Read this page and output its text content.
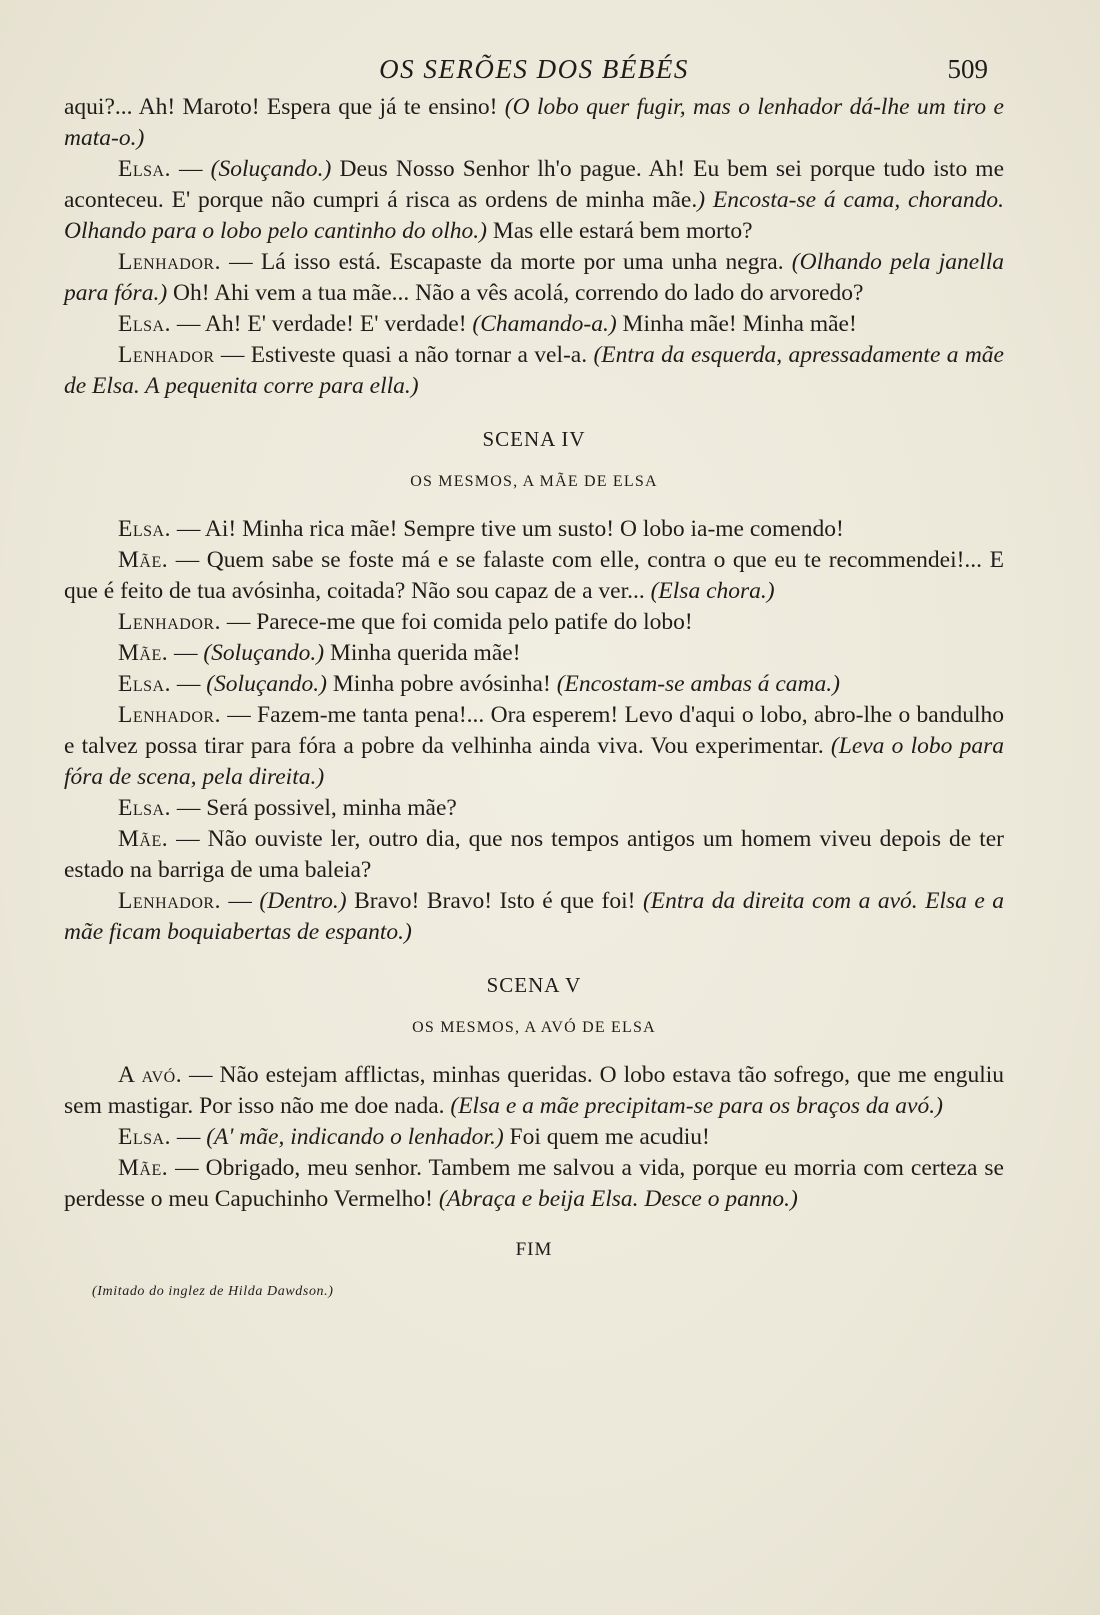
OS SERÕES DOS BÉBÉS	509

aqui?... Ah! Maroto! Espera que já te ensino! (O lobo quer fugir, mas o lenhador dá-lhe um tiro e mata-o.)

Elsa. — (Soluçando.) Deus Nosso Senhor lh'o pague. Ah! Eu bem sei porque tudo isto me aconteceu. E' porque não cumpri á risca as ordens de minha mãe.) Encosta-se á cama, chorando. Olhando para o lobo pelo cantinho do olho.) Mas elle estará bem morto?

Lenhador. — Lá isso está. Escapaste da morte por uma unha negra. (Olhando pela janella para fóra.) Oh! Ahi vem a tua mãe... Não a vês acolá, correndo do lado do arvoredo?

Elsa. — Ah! E' verdade! E' verdade! (Chamando-a.) Minha mãe! Minha mãe!

Lenhador — Estiveste quasi a não tornar a vel-a. (Entra da esquerda, apressadamente a mãe de Elsa. A pequenita corre para ella.)

SCENA IV
OS MESMOS, A MÃE DE ELSA

Elsa. — Ai! Minha rica mãe! Sempre tive um susto! O lobo ia-me comendo!

Mãe. — Quem sabe se foste má e se falaste com elle, contra o que eu te recommendei!... E que é feito de tua avósinha, coitada? Não sou capaz de a ver... (Elsa chora.)

Lenhador. — Parece-me que foi comida pelo patife do lobo!

Mãe. — (Soluçando.) Minha querida mãe!

Elsa. — (Soluçando.) Minha pobre avósinha! (Encostam-se ambas á cama.)

Lenhador. — Fazem-me tanta pena!... Ora esperem! Levo d'aqui o lobo, abro-lhe o bandulho e talvez possa tirar para fóra a pobre da velhinha ainda viva. Vou experimentar. (Leva o lobo para fóra de scena, pela direita.)

Elsa. — Será possivel, minha mãe?

Mãe. — Não ouviste ler, outro dia, que nos tempos antigos um homem viveu depois de ter estado na barriga de uma baleia?

Lenhador. — (Dentro.) Bravo! Bravo! Isto é que foi! (Entra da direita com a avó. Elsa e a mãe ficam boquiabertas de espanto.)

SCENA V
OS MESMOS, A AVÓ DE ELSA

A avó. — Não estejam afflictas, minhas queridas. O lobo estava tão sofrego, que me enguliu sem mastigar. Por isso não me doe nada. (Elsa e a mãe precipitam-se para os braços da avó.)

Elsa. — (A' mãe, indicando o lenhador.) Foi quem me acudiu!

Mãe. — Obrigado, meu senhor. Tambem me salvou a vida, porque eu morria com certeza se perdesse o meu Capuchinho Vermelho! (Abraça e beija Elsa. Desce o panno.)

FIM
(Imitado do inglez de Hilda Dawdson.)
